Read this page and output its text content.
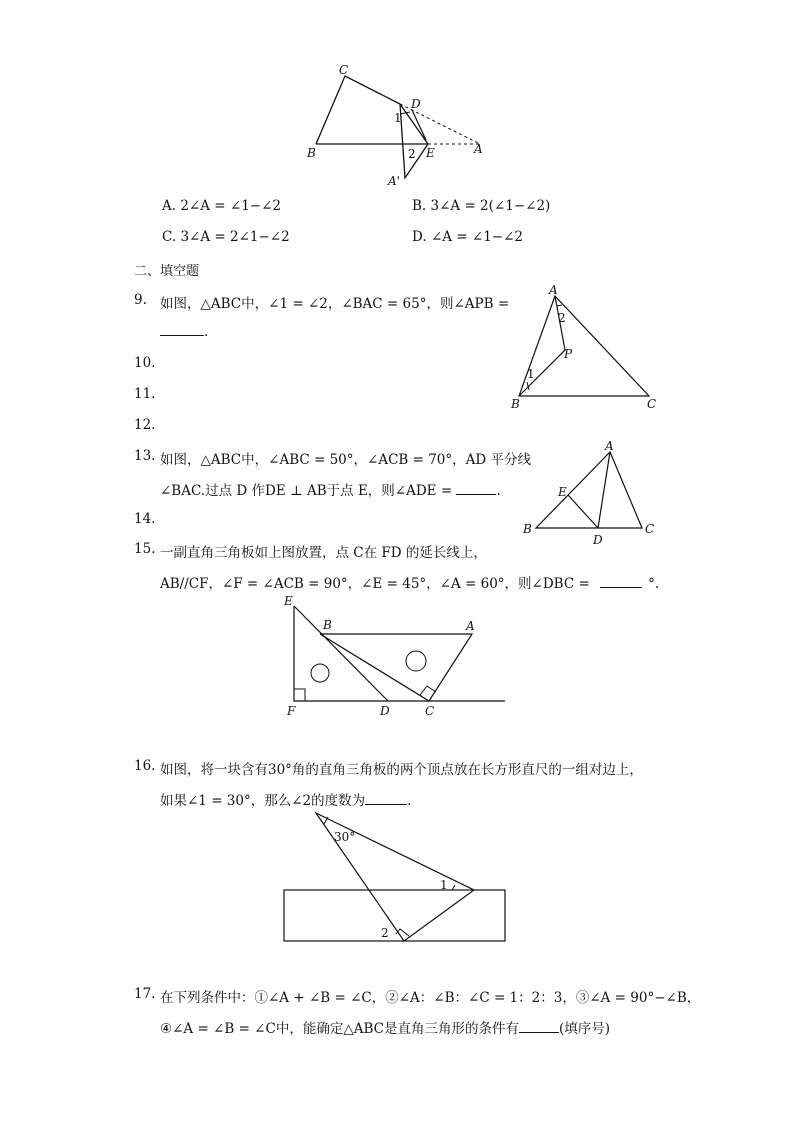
C
D
B	E	A
A'
1
2
A. 2∠A = ∠1−∠2	B. 3∠A = 2(∠1−∠2)
C. 3∠A = 2∠1−∠2	D. ∠A = ∠1−∠2
二、填空题
9. 如图，△ABC中，∠1 = ∠2，∠BAC = 65°，则∠APB =
.
A
B	C
P
1
2
10.
11.
12.
13. 如图，△ABC中，∠ABC = 50°，∠ACB = 70°，AD 平分线
∠BAC.过点 D 作DE ⊥ AB于点 E，则∠ADE =	.
A
B	C
D
E
14.
15. 一副直角三角板如上图放置，点 C在 FD 的延长线上，
AB//CF，∠F = ∠ACB = 90°，∠E = 45°，∠A = 60°，则∠DBC =	°.
E
B	A
F	D	C
16. 如图，将一块含有30°角的直角三角板的两个顶点放在长方形直尺的一组对边上，
如果∠1 = 30°，那么∠2的度数为	.
30°
1
2
17. 在下列条件中：①∠A + ∠B = ∠C，②∠A：∠B：∠C = 1：2：3，③∠A = 90°−∠B，
④∠A = ∠B = ∠C中，能确定△ABC是直角三角形的条件有	(填序号)
